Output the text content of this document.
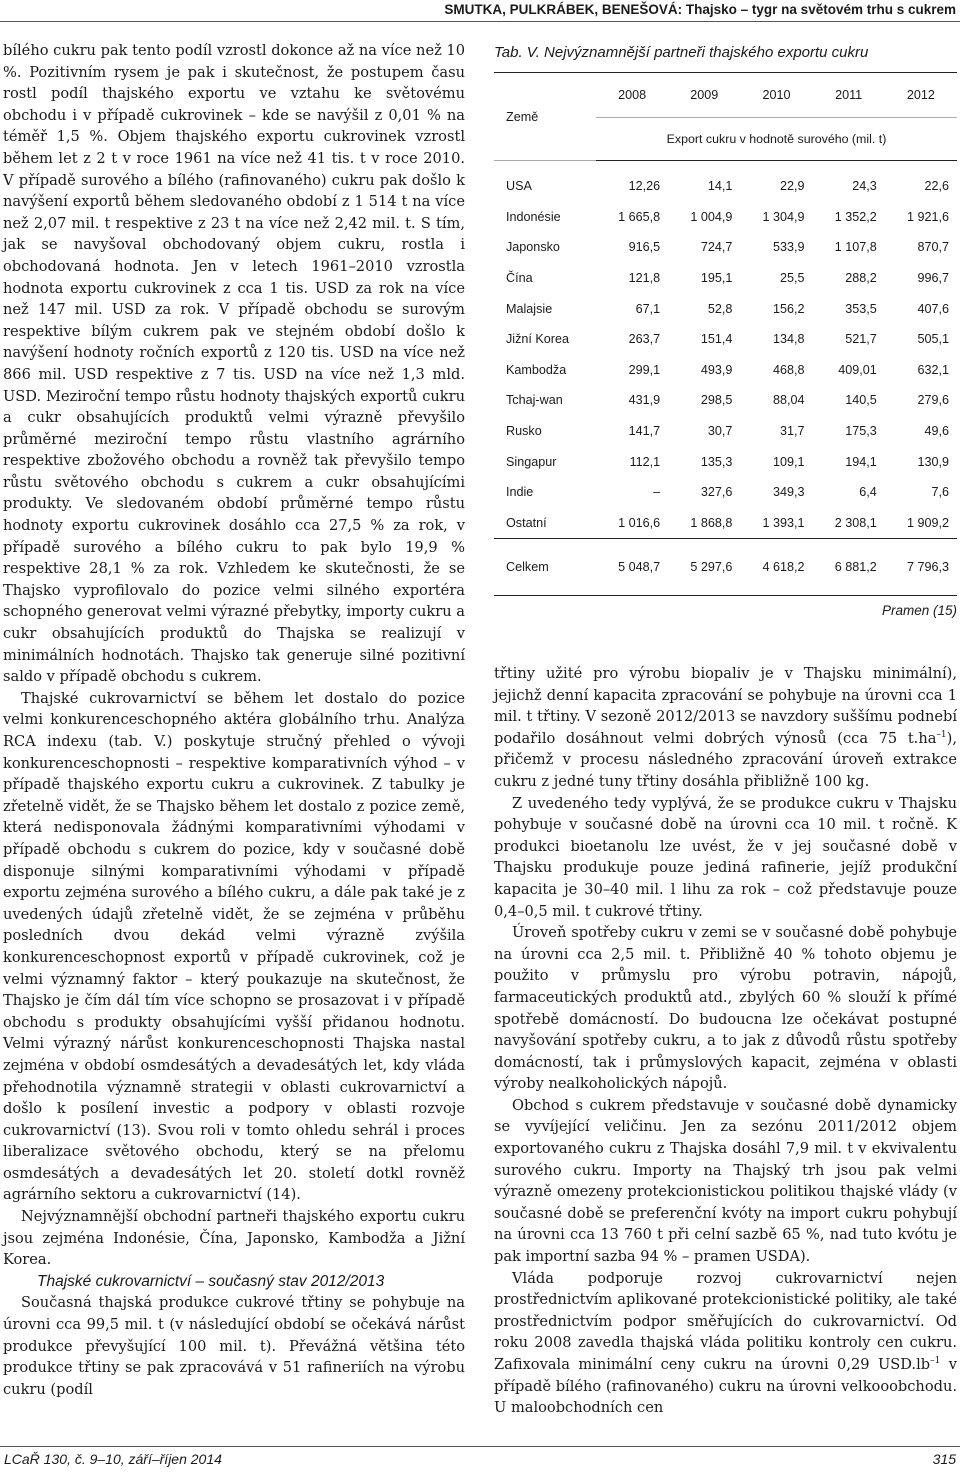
SMUTKA, PULKRÁBEK, BENEŠOVÁ: Thajsko – tygr na světovém trhu s cukrem

bílého cukru pak tento podíl vzrostl dokonce až na více než 10 %. Pozitivním rysem je pak i skutečnost, že postupem času rostl podíl thajského exportu ve vztahu ke světovému obchodu i v případě cukrovinek – kde se navýšil z 0,01 % na téměř 1,5 %. Objem thajského exportu cukrovinek vzrostl během let z 2 t v roce 1961 na více než 41 tis. t v roce 2010. V případě surového a bílého (rafinovaného) cukru pak došlo k navýšení exportů během sledovaného období z 1 514 t na více než 2,07 mil. t respektive z 23 t na více než 2,42 mil. t. S tím, jak se navyšoval obchodovaný objem cukru, rostla i obchodovaná hodnota. Jen v letech 1961–2010 vzrostla hodnota exportu cukrovinek z cca 1 tis. USD za rok na více než 147 mil. USD za rok. V případě obchodu se surovým respektive bílým cukrem pak ve stejném období došlo k navýšení hodnoty ročních exportů z 120 tis. USD na více než 866 mil. USD respektive z 7 tis. USD na více než 1,3 mld. USD. Meziroční tempo růstu hodnoty thajských exportů cukru a cukr obsahujících produktů velmi výrazně převyšilo průměrné meziroční tempo růstu vlastního agrárního respektive zbožového obchodu a rovněž tak převyšilo tempo růstu světového obchodu s cukrem a cukr obsahujícími produkty. Ve sledovaném období průměrné tempo růstu hodnoty exportu cukrovinek dosáhlo cca 27,5 % za rok, v případě surového a bílého cukru to pak bylo 19,9 % respektive 28,1 % za rok. Vzhledem ke skutečnosti, že se Thajsko vyprofilovalo do pozice velmi silného exportéra schopného generovat velmi výrazné přebytky, importy cukru a cukr obsahujících produktů do Thajska se realizují v minimálních hodnotách. Thajsko tak generuje silné pozitivní saldo v případě obchodu s cukrem.

Thajské cukrovarnictví se během let dostalo do pozice velmi konkurenceschopného aktéra globálního trhu. Analýza RCA indexu (tab. V.) poskytuje stručný přehled o vývoji konkurenceschopnosti – respektive komparativních výhod – v případě thajského exportu cukru a cukrovinek. Z tabulky je zřetelně vidět, že se Thajsko během let dostalo z pozice země, která nedisponovala žádnými komparativními výhodami v případě obchodu s cukrem do pozice, kdy v současné době disponuje silnými komparativními výhodami v případě exportu zejména surového a bílého cukru, a dále pak také je z uvedených údajů zřetelně vidět, že se zejména v průběhu posledních dvou dekád velmi výrazně zvýšila konkurenceschopnost exportů v případě cukrovinek, což je velmi významný faktor – který poukazuje na skutečnost, že Thajsko je čím dál tím více schopno se prosazovat i v případě obchodu s produkty obsahujícími vyšší přidanou hodnotu. Velmi výrazný nárůst konkurenceschopnosti Thajska nastal zejména v období osmdesátých a devadesátých let, kdy vláda přehodnotila významně strategii v oblasti cukrovarnictví a došlo k posílení investic a podpory v oblasti rozvoje cukrovarnictví (13). Svou roli v tomto ohledu sehrál i proces liberalizace světového obchodu, který se na přelomu osmdesátých a devadesátých let 20. století dotkl rovněž agrárního sektoru a cukrovarnictví (14).

Nejvýznamnější obchodní partneři thajského exportu cukru jsou zejména Indonésie, Čína, Japonsko, Kambodža a Jižní Korea.

Thajské cukrovarnictví – současný stav 2012/2013

Současná thajská produkce cukrové třtiny se pohybuje na úrovni cca 99,5 mil. t (v následující období se očekává nárůst produkce převyšující 100 mil. t). Převážná většina této produkce třtiny se pak zpracovává v 51 rafineriích na výrobu cukru (podíl

Tab. V. Nejvýznamnější partneři thajského exportu cukru
Země	2008	2009	2010	2011	2012
	Export cukru v hodnotě surového (mil. t)				
USA	12,26	14,1	22,9	24,3	22,6
Indonésie	1 665,8	1 004,9	1 304,9	1 352,2	1 921,6
Japonsko	916,5	724,7	533,9	1 107,8	870,7
Čína	121,8	195,1	25,5	288,2	996,7
Malajsie	67,1	52,8	156,2	353,5	407,6
Jižní Korea	263,7	151,4	134,8	521,7	505,1
Kambodža	299,1	493,9	468,8	409,01	632,1
Tchaj-wan	431,9	298,5	88,04	140,5	279,6
Rusko	141,7	30,7	31,7	175,3	49,6
Singapur	112,1	135,3	109,1	194,1	130,9
Indie	–	327,6	349,3	6,4	7,6
Ostatní	1 016,6	1 868,8	1 393,1	2 308,1	1 909,2
Celkem	5 048,7	5 297,6	4 618,2	6 881,2	7 796,3
Pramen (15)

třtiny užité pro výrobu biopaliv je v Thajsku minimální), jejichž denní kapacita zpracování se pohybuje na úrovni cca 1 mil. t třtiny. V sezoně 2012/2013 se navzdory suššímu podnebí podařilo dosáhnout velmi dobrých výnosů (cca 75 $t.ha^{-1}$), přičemž v procesu následného zpracování úroveň extrakce cukru z jedné tuny třtiny dosáhla přibližně 100 kg.

Z uvedeného tedy vyplývá, že se produkce cukru v Thajsku pohybuje v současné době na úrovni cca 10 mil. t ročně. K produkci bioetanolu lze uvést, že v jej současné době v Thajsku produkuje pouze jediná rafinerie, jejíž produkční kapacita je 30–40 mil. l lihu za rok – což představuje pouze 0,4–0,5 mil. t cukrové třtiny.

Úroveň spotřeby cukru v zemi se v současné době pohybuje na úrovni cca 2,5 mil. t. Přibližně 40 % tohoto objemu je použito v průmyslu pro výrobu potravin, nápojů, farmaceutických produktů atd., zbylých 60 % slouží k přímé spotřebě domácností. Do budoucna lze očekávat postupné navyšování spotřeby cukru, a to jak z důvodů růstu spotřeby domácností, tak i průmyslových kapacit, zejména v oblasti výroby nealkoholických nápojů.

Obchod s cukrem představuje v současné době dynamicky se vyvíjející veličinu. Jen za sezónu 2011/2012 objem exportovaného cukru z Thajska dosáhl 7,9 mil. t v ekvivalentu surového cukru. Importy na Thajský trh jsou pak velmi výrazně omezeny protekcionistickou politikou thajské vlády (v současné době se preferenční kvóty na import cukru pohybují na úrovni cca 13 760 t při celní sazbě 65 %, nad tuto kvótu je pak importní sazba 94 % – pramen USDA).

Vláda podporuje rozvoj cukrovarnictví nejen prostřednictvím aplikované protekcionistické politiky, ale také prostřednictvím podpor směřujících do cukrovarnictví. Od roku 2008 zavedla thajská vláda politiku kontroly cen cukru. Zafixovala minimální ceny cukru na úrovni 0,29 $USD.lb^{-1}$ v případě bílého (rafinovaného) cukru na úrovni velkooobchodu. U maloobchodních cen

LCaŘ 130, č. 9–10, září–říjen 2014	315
